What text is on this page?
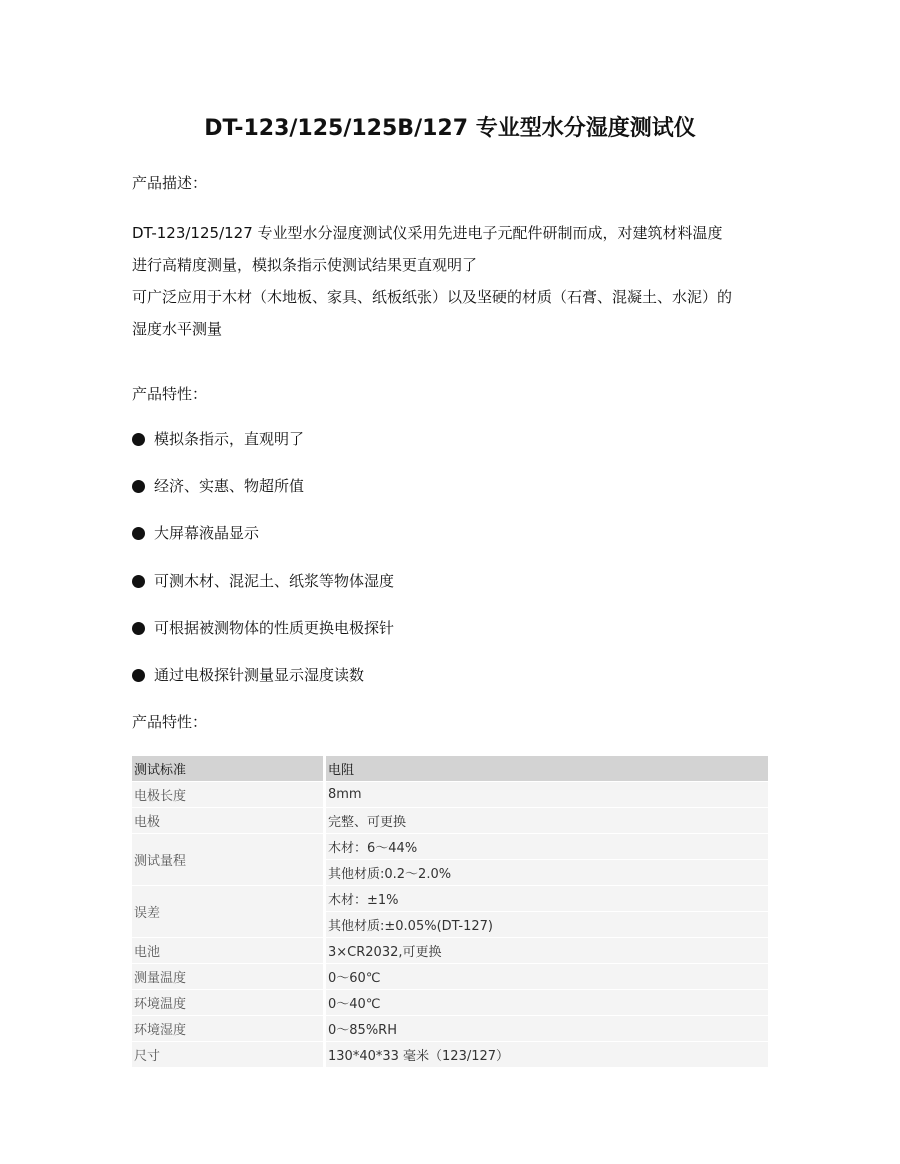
DT-123/125/125B/127 专业型水分湿度测试仪
产品描述：

DT-123/125/127 专业型水分湿度测试仪采用先进电子元配件研制而成，对建筑材料温度

进行高精度测量，模拟条指示使测试结果更直观明了

可广泛应用于木材（木地板、家具、纸板纸张）以及坚硬的材质（石膏、混凝土、水泥）的

湿度水平测量

产品特性：
模拟条指示，直观明了
经济、实惠、物超所值
大屏幕液晶显示
可测木材、混泥土、纸浆等物体湿度
可根据被测物体的性质更换电极探针
通过电极探针测量显示湿度读数
产品特性：
测试标准	电阻
电极长度	8mm
电极	完整、可更换
测试量程	木材：6～44%
	其他材质:0.2～2.0%
误差	木材：±1%
	其他材质:±0.05%(DT-127)
电池	3×CR2032,可更换
测量温度	0～60℃
环境温度	0～40℃
环境湿度	0～85%RH
尺寸	130*40*33 毫米（123/127）
